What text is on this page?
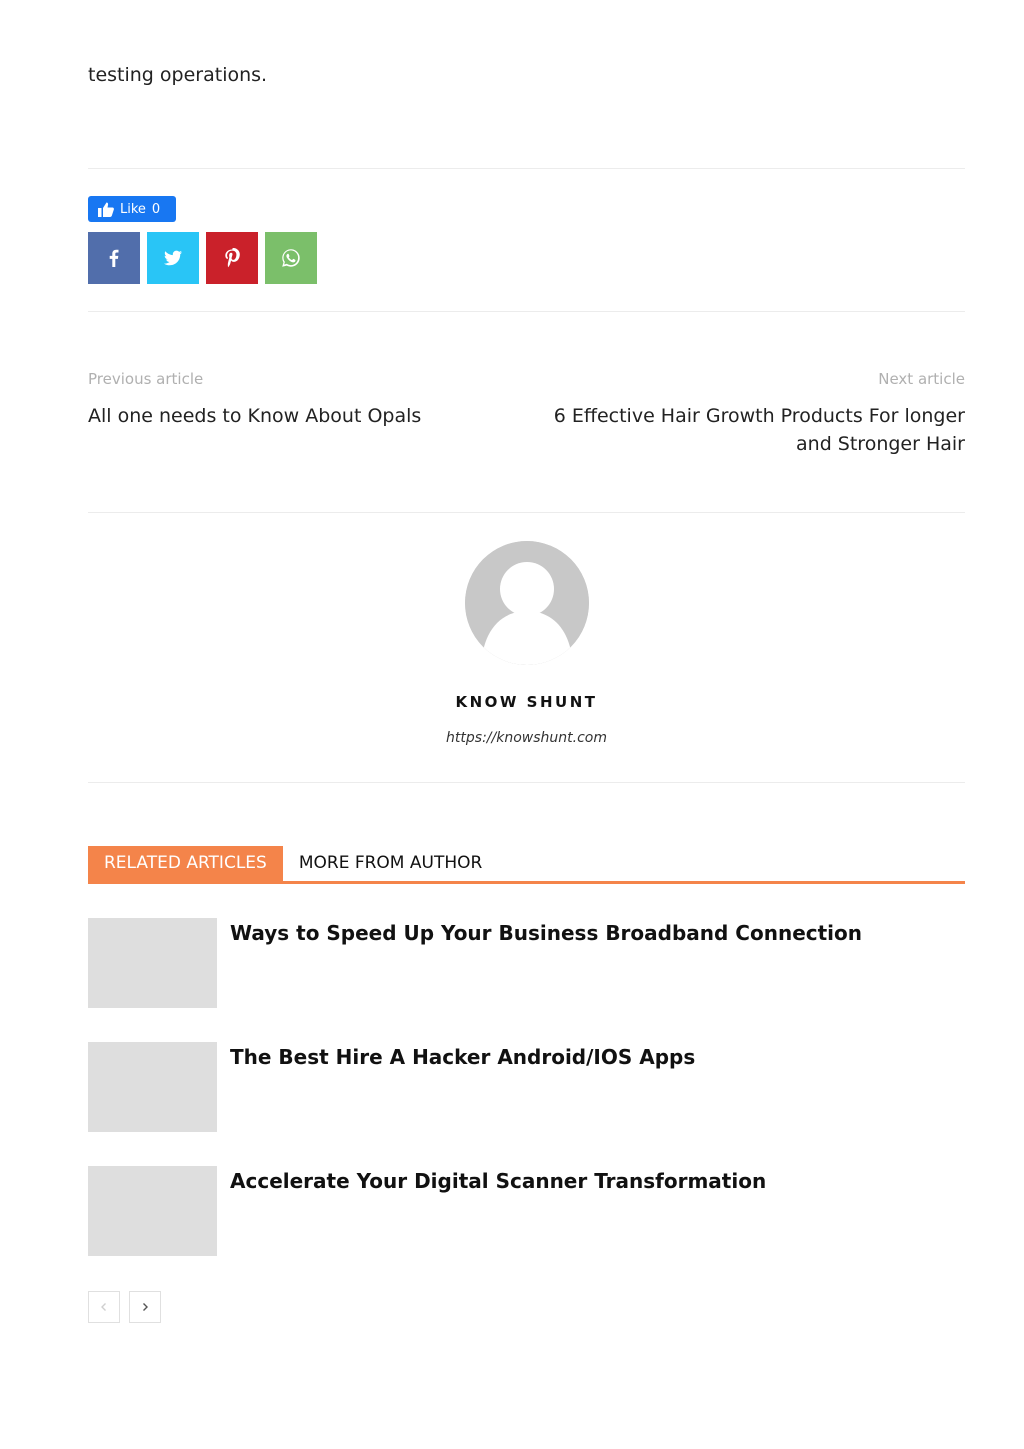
testing operations.
Like 0
Previous article
All one needs to Know About Opals
Next article
6 Effective Hair Growth Products For longer and Stronger Hair
KNOW SHUNT
https://knowshunt.com
RELATED ARTICLES	MORE FROM AUTHOR
Ways to Speed Up Your Business Broadband Connection
The Best Hire A Hacker Android/IOS Apps
Accelerate Your Digital Scanner Transformation
